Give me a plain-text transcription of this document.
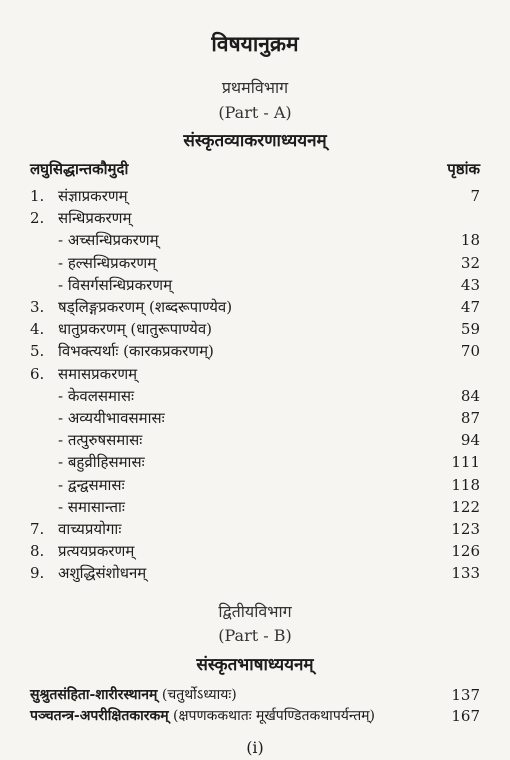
विषयानुक्रम
प्रथमविभाग
(Part - A)
संस्कृतव्याकरणाध्ययनम्
लघुसिद्धान्तकौमुदी	पृष्ठांक
1. संज्ञाप्रकरणम्	7
2. सन्धिप्रकरणम्
- अच्सन्धिप्रकरणम्	18
- हल्सन्धिप्रकरणम्	32
- विसर्गसन्धिप्रकरणम्	43
3. षड्लिङ्गप्रकरणम् (शब्दरूपाण्येव)	47
4. धातुप्रकरणम् (धातुरूपाण्येव)	59
5. विभक्त्यर्थाः (कारकप्रकरणम्)	70
6. समासप्रकरणम्
- केवलसमासः	84
- अव्ययीभावसमासः	87
- तत्पुरुषसमासः	94
- बहुव्रीहिसमासः	111
- द्वन्द्वसमासः	118
- समासान्ताः	122
7. वाच्यप्रयोगाः	123
8. प्रत्ययप्रकरणम्	126
9. अशुद्धिसंशोधनम्	133
द्वितीयविभाग
(Part - B)
संस्कृतभाषाध्ययनम्
सुश्रुतसंहिता-शारीरस्थानम् (चतुर्थोऽध्यायः)	137
पञ्चतन्त्र-अपरीक्षितकारकम् (क्षपणककथातः मूर्खपण्डितकथापर्यन्तम्)	167
(i)
